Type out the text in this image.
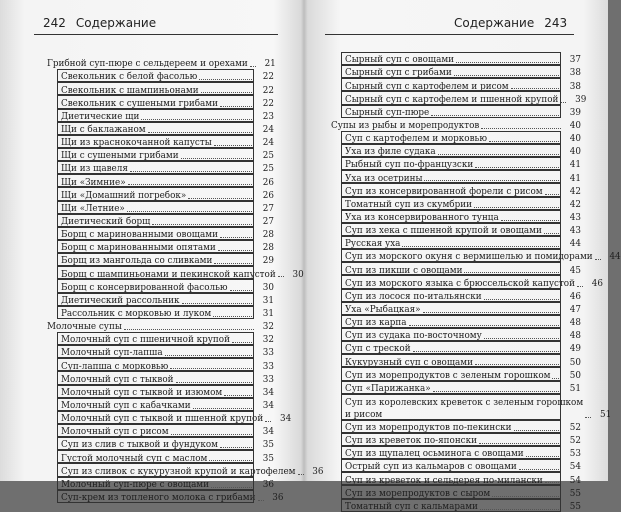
242 Содержание
Грибной суп-пюре с сельдереем и орехами	21
Свекольник с белой фасолью	22
Свекольник с шампиньонами	22
Свекольник с сушеными грибами	22
Диетические щи	23
Щи с баклажаном	24
Щи из краснокочанной капусты	24
Щи с сушеными грибами	25
Щи из щавеля	25
Щи «Зимние»	26
Щи «Домашний погребок»	26
Щи «Летние»	27
Диетический борщ	27
Борщ с маринованными овощами	28
Борщ с маринованными опятами	28
Борщ из мангольда со сливками	29
Борщ с шампиньонами и пекинской капустой	30
Борщ с консервированной фасолью	30
Диетический рассольник	31
Рассольник с морковью и луком	31
Молочные супы	32
Молочный суп с пшеничной крупой	32
Молочный суп-лапша	33
Суп-лапша с морковью	33
Молочный суп с тыквой	33
Молочный суп с тыквой и изюмом	34
Молочный суп с кабачками	34
Молочный суп с тыквой и пшенной крупой	34
Молочный суп с рисом	34
Суп из слив с тыквой и фундуком	35
Густой молочный суп с маслом	35
Суп из сливок с кукурузной крупой и картофелем	36
Молочный суп-пюре с овощами	36
Суп-крем из топленого молока с грибами	36
Содержание 243
Сырный суп с овощами	37
Сырный суп с грибами	38
Сырный суп с картофелем и рисом	38
Сырный суп с картофелем и пшенной крупой	39
Сырный суп-пюре	39
Супы из рыбы и морепродуктов	40
Суп с картофелем и морковью	40
Уха из филе судака	40
Рыбный суп по-французски	41
Уха из осетрины	41
Суп из консервированной форели с рисом	42
Томатный суп из скумбрии	42
Уха из консервированного тунца	43
Суп из хека с пшенной крупой и овощами	43
Русская уха	44
Суп из морского окуня с вермишелью и помидорами	44
Суп из пикши с овощами	45
Суп из морского языка с брюссельской капустой	46
Суп из лосося по-итальянски	46
Уха «Рыбацкая»	47
Суп из карпа	48
Суп из судака по-восточному	48
Суп с треской	49
Кукурузный суп с овощами	50
Суп из морепродуктов с зеленым горошком	50
Суп «Парижанка»	51
Суп из королевских креветок с зеленым горошком
и рисом	51
Суп из морепродуктов по-пекински	52
Суп из креветок по-японски	52
Суп из щупалец осьминога с овощами	53
Острый суп из кальмаров с овощами	54
Суп из креветок и сельдерея по-милански	54
Суп из морепродуктов с сыром	55
Томатный суп с кальмарами	55
